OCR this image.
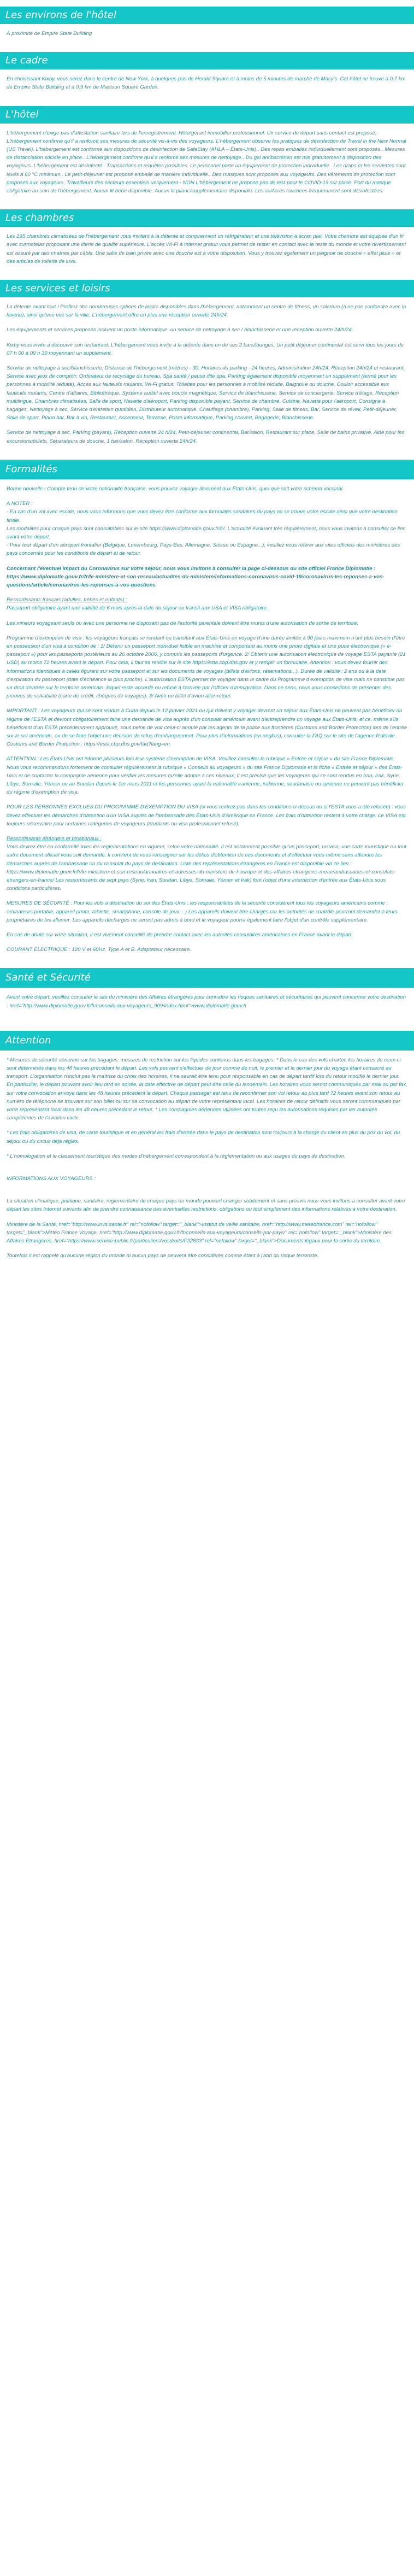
Les environs de l'hôtel

À proximité de Empire State Building

Le cadre

En choisissant Kixby, vous serez dans le centre de New York, à quelques pas de Herald Square et à moins de 5 minutes de marche de Macy's. Cet hôtel se trouve à 0,7 km de Empire State Building et à 0,9 km de Madison Square Garden.

L'hôtel

L'hébergement n'exige pas d'attestation sanitaire lors de l'enregistrement. Hôte/gérant immobilier professionnel. Un service de départ sans contact est proposé.. L'hébergement confirme qu'il a renforcé ses mesures de sécurité vis-à-vis des voyageurs. L'hébergement observe les pratiques de désinfection de Travel in the New Normal (US Travel). L'hébergement est conforme aux dispositions de désinfection de SafeStay (AHLA – États-Unis).. Des repas emballés individuellement sont proposés.. Mesures de distanciation sociale en place.. L'hébergement confirme qu'il a renforcé ses mesures de nettoyage.. Du gel antibactérien est mis gratuitement à disposition des voyageurs. L'hébergement est désinfecté.. Transactions et requêtes possibles. Le personnel porte un équipement de protection individuelle.. Les draps et les serviettes sont lavés à 60 °C minimum.. Le petit-déjeuner est proposé emballé de manière individuelle.. Des masques sont proposés aux voyageurs. Des vêtements de protection sont proposés aux voyageurs. Travailleurs des secteurs essentiels uniquement - NON L'hébergement ne propose pas de test pour le COVID-19 sur place. Port du masque obligatoire au sein de l'hébergement. Aucun lit bébé disponible. Aucun lit plianc/supplémentaire disponible. Les surfaces touchées fréquemment sont désinfectées.

Les chambres

Les 195 chambres climatisées de l'hébergement vous invitent à la détente et comprennent un réfrigérateur et une télévision à écran plat. Votre chambre est équipée d'un lit avec surmatelas proposant une literie de qualité supérieure. L'accès Wi-Fi à Internet gratuit vous permet de rester en contact avec le reste du monde et votre divertissement est assuré par des chaînes par câble. Une salle de bain privée avec une douche est à votre disposition. Vous y trouvez également un peignoir de douche « effet pluie » et des articles de toilette de luxe.

Les services et loisirs

La détente avant tout ! Profitez des nombreuses options de loisirs disponibles dans l'hébergement, notamment un centre de fitness, un solarium (à ne pas confondre avec la laverie), ainsi qu'une vue sur la ville. L'hébergement offre en plus une réception ouverte 24h/24.

Les équipements et services proposés incluent un poste informatique, un service de nettoyage à sec / blanchisserie et une réception ouverte 24/h/24.

Kixby vous invite à découvrir son restaurant. L'hébergement vous invite à la détente dans un de ses 2 bars/lounges. Un petit déjeuner continental est servi tous les jours de 07 h 00 à 09 h 30 moyennant un supplément.

Service de nettoyage à sec/blanchisserie, Distance de l'hébergement (mètres) - 30, Horaires du parking - 24 heures, Administration 24h/24, Réception 24h/24 et restaurant, Service avec jeux de comptoir, Ordinateur de recyclage du bureau, Spa santé / pause dite spa, Parking également disponible moyennant un supplément (fermé pour les personnes à mobilité réduite), Accès aux fauteuils roulants, Wi-Fi gratuit, Toilettes pour les personnes à mobilité réduite, Baignoire ou douche, Couloir accessible aux fauteuils roulants, Centre d'affaires, Bibliothèque, Système auditif avec boucle magnétique, Service de blanchisserie, Service de conciergerie, Service d'étage, Réception multilingue, Chambres climatisées, Salle de sport, Navette d'aéroport, Parking disponible payant, Service de chambre, Cuisine, Navette pour l'aéroport, Consigne à bagages, Nettoyage à sec, Service d'entretien quotidien, Distributeur automatique, Chauffage (chambre), Parking, Salle de fitness, Bar, Service de réveil, Petit-déjeuner, Salle de sport, Piano bar, Bar à vin, Restaurant, Ascenseur, Terrasse, Poste informatique, Parking couvert, Bagagerie, Blanchisserie.

Service de nettoyage à sec, Parking (payant), Réception ouverte 24 h/24, Petit-déjeuner continental, Bar/salon, Restaurant sur place, Salle de bains privative, Aide pour les excursions/billets, Séparateurs de douche, 1 bar/salon, Réception ouverte 24h/24.

Formalités

Bonne nouvelle ! Compte tenu de votre nationalité française, vous pouvez voyager librement aux États-Unis, quel que soit votre schéma vaccinal.

A NOTER :

- En cas d'un vol avec escale, nous vous informons que vous devez être conforme aux formalités sanitaires du pays où se trouve votre escale ainsi que votre destination finale.

Les modalités pour chaque pays sont consultables sur le site https://www.diplomatie.gouv.fr/fr/. L'actualité évoluant très régulièrement, nous vous invitons à consulter ce lien avant votre départ.

- Pour tout départ d'un aéroport frontalier (Belgique, Luxembourg, Pays-Bas, Allemagne, Suisse ou Espagne...), veuillez vous référer aux sites officiels des ministères des pays concernés pour les conditions de départ et de retour.

Concernant l'éventuel impact du Coronavirus sur votre séjour, nous vous invitons à consulter la page ci-dessous du site officiel France Diplomatie :

https://www.diplomatie.gouv.fr/fr/le-ministere-et-son-reseau/actualites-du-ministere/informations-coronavirus-covid-19/coronavirus-les-reponses-a-vos-questions/article/coronavirus-les-reponses-a-vos-questions

Ressortissants français (adultes, bébés et enfants) :

Passeport obligatoire ayant une validité de 6 mois après la date du séjour ou transit aux USA et VISA obligatoire.

Les mineurs voyageant seuls ou avec une personne ne disposant pas de l'autorité parentale doivent être munis d'une autorisation de sortie de territoire.

Programme d'exemption de visa : les voyageurs français se rendant ou transitant aux États-Unis en voyage d'une durée limitée à 90 jours maximum n'ont plus besoin d'être en possession d'un visa à condition de : 1/ Détenir un passeport individuel lisible en machine et comportant au moins une photo digitale et une puce électronique (« e-passeport ») pour les passeports postérieurs au 26 octobre 2006, y compris les passeports d'urgence. 2/ Obtenir une autorisation électronique de voyage ESTA payante (21 USD) au moins 72 heures avant le départ. Pour cela, il faut se rendre sur le site https://esta.cbp.dhs.gov et y remplir un formulaire. Attention : vous devez fournir des informations identiques à celles figurant sur votre passeport et sur les documents de voyages (billets d'avions, réservations...). Durée de validité : 2 ans ou à la date d'expiration du passeport (date d'échéance la plus proche). L'autorisation ESTA permet de voyager dans le cadre du Programme d'exemption de visa mais ne constitue pas un droit d'entrée sur le territoire américain, lequel reste accordé ou refusé à l'arrivée par l'officier d'immigration. Dans ce sens, nous vous conseillons de présenter des preuves de solvabilité (carte de crédit, chèques de voyages). 3/ Avoir un billet d'avion aller-retour.

IMPORTANT : Les voyageurs qui se sont rendus à Cuba depuis le 12 janvier 2021 ou qui doivent y voyager devront un séjour aux États-Unis ne peuvent pas bénéficier du régime de l'ESTA et devront obligatoirement faire une demande de visa auprès d'un consulat américain avant d'entreprendre un voyage aux États-Unis, et ce, même s'ils bénéficient d'un ESTA précédemment approuvé, sous peine de voir celui-ci annulé par les agents de la police aux frontières (Customs and Border Protection) lors de l'entrée sur le sol américain, ou de se faire l'objet une décision de refus d'embarquement. Pour plus d'informations (en anglais), consulter la FAQ sur le site de l'agence fédérale Customs and Border Protection : https://esta.cbp.dhs.gov/faq?lang=en.

ATTENTION : Les États-Unis ont informé plusieurs fois leur système d'exemption de VISA. Veuillez consulter la rubrique « Entrée et séjour » du site France Diplomatie. Nous vous recommandons fortement de consulter régulièrement la rubrique « Conseils au voyageurs » du site France Diplomatie et la fiche « Entrée et séjour » des États-Unis et de contacter la compagnie aérienne pour vérifier les mesures qu'elle adopte à ces niveaux. Il est précisé que les voyageurs qui se sont rendus en Iran, Irak, Syrie, Libye, Somalie, Yémen ou au Soudan depuis le 1er mars 2011 et les personnes ayant la nationalité iranienne, irakienne, soudanaise ou syrienne ne peuvent pas bénéficier du régime d'exemption de visa.

POUR LES PERSONNES EXCLUES DU PROGRAMME D'EXEMPTION DU VISA (si vous rentrez pas dans les conditions ci-dessus ou si l'ESTA vous a été refusée) : vous devez effectuer les démarches d'obtention d'un VISA auprès de l'ambassade des États-Unis d'Amérique en France. Les frais d'obtention restent à votre charge. Le VISA est toujours nécessaire pour certaines catégories de voyageurs (étudiants ou visa professionnel refusé).

Ressortissants étrangers et binationaux :

Vous devrez être en conformité avec les réglementations en vigueur, selon votre nationalité. Il est notamment possible qu'un passeport, un visa, une carte touristique ou tout autre document officiel vous soit demandé. Il convient de vous renseigner sur les délais d'obtention de ces documents et d'effectuer vous-même sans attendre les démarches auprès de l'ambassade ou du consulat du pays de destination. Liste des représentations étrangères en France est disponible via ce lien : https://www.diplomatie.gouv.fr/fr/le-ministere-et-son-reseau/annuaires-et-adresses-du-ministere-de-l-europe-et-des-affaires-etrangeres-meae/ambassades-et-consulats-etrangers-en-france/ Les ressortissants de sept pays (Syrie, Iran, Soudan, Libye, Somalie, Yémen et Irak) font l'objet d'une interdiction d'entrée aux États-Unis sous conditions particulières.

MESURES DE SÉCURITÉ : Pour les vols à destination du sol des États-Unis : les responsabilités de la sécurité considèrent tous les voyageurs américains comme : ordinateurs portable, appareil photo, tablette, smartphone, console de jeux... ) Les appareils doivent être chargés car les autorités de contrôle pourront demander à leurs propriétaires de les allumer. Les appareils déchargés ne seront pas admis à bord et le voyageur pourra également faire l'objet d'un contrôle supplémentaire.

En cas de doute sur votre situation, il est vivement conseillé de prendre contact avec les autorités consulaires américaines en France avant le départ.

COURANT ÉLECTRIQUE : 120 V et 60Hz. Type A et B. Adaptateur nécessaire.

Santé et Sécurité

Avant votre départ, veuillez consulter le site du ministère des Affaires étrangères pour connaître les risques sanitaires et sécuritaires qui peuvent concerner votre destination : href="http://www.diplomatie.gouv.fr/fr/conseils-aux-voyageurs_909/index.html">www.diplomatie.gouv.fr

Attention

* Mesures de sécurité aérienne sur les bagages: mesures de restriction sur les liquides contenus dans les bagages. * Dans le cas des vols charter, les horaires de ceux-ci sont déterminés dans les 48 heures précédant le départ. Les vols peuvent s'effectuer de jour comme de nuit, le premier et le dernier jour du voyage étant consacré au transport. L'organisation n'inclut pas la maîtrise du choix des horaires, il ne saurait être tenu pour responsable en cas de départ tardif lors du retour modifié le dernier jour. En particulier, le départ pouvant avoir lieu tard en soirée, la date effective de départ peut être celle du lendemain. Les horaires vous seront communiqués par mail ou par fax, sur votre convocation envoyé dans les 48 heures précédent le départ. Chaque passager est tenu de reconfirmer son vol retour au plus tard 72 heures avant son retour au numéro de téléphone se trouvant sur son billet ou sur sa convocation au départ de votre représentant local. Les horaires de retour définitifs vous seront communiqués par votre représentant local dans les 48 heures précédant le retour. * Les compagnies aériennes utilisées ont toutes reçu les autorisations requises par les autorités compétentes de l'aviation civile.

* Les frais obligatoires de visa, de carte touristique et en général les frais d'entrée dans le pays de destination sont toujours à la charge du client en plus du prix du vol, du séjour ou du circuit déjà réglés.

* L'homologation et le classement touristique des modes d'hébergement correspondent à la réglementation ou aux usages du pays de destination.

INFORMATIONS AUX VOYAGEURS :

La situation climatique, politique, sanitaire, réglementaire de chaque pays du monde pouvant changer subitement et sans préavis nous vous invitons à consulter avant votre départ les sites Internet suivants afin de prendre connaissance des éventuelles restrictions, obligations ou tout simplement des informations relatives à votre destination.

Ministère de la Santé, href="http://www.invs.sante.fr" rel="nofollow" target="_blank">Institut de veille sanitaire, href="http://www.meteofrance.com" rel="nofollow" target="_blank">Météo France Voyage, href="http://www.diplomatie.gouv.fr/fr/conseils-aux-voyageurs/conseils-par-pays/" rel="nofollow" target="_blank">Ministère des Affaires Etrangères, href="https://www.service-public.fr/particuliers/vosdroits/F32833" rel="nofollow" target="_blank">Documents légaux pour la sortie du territoire.

Toutefois il est rappelé qu'aucune région du monde ni aucun pays ne peuvent être considérés comme étant à l'abri du risque terroriste.
